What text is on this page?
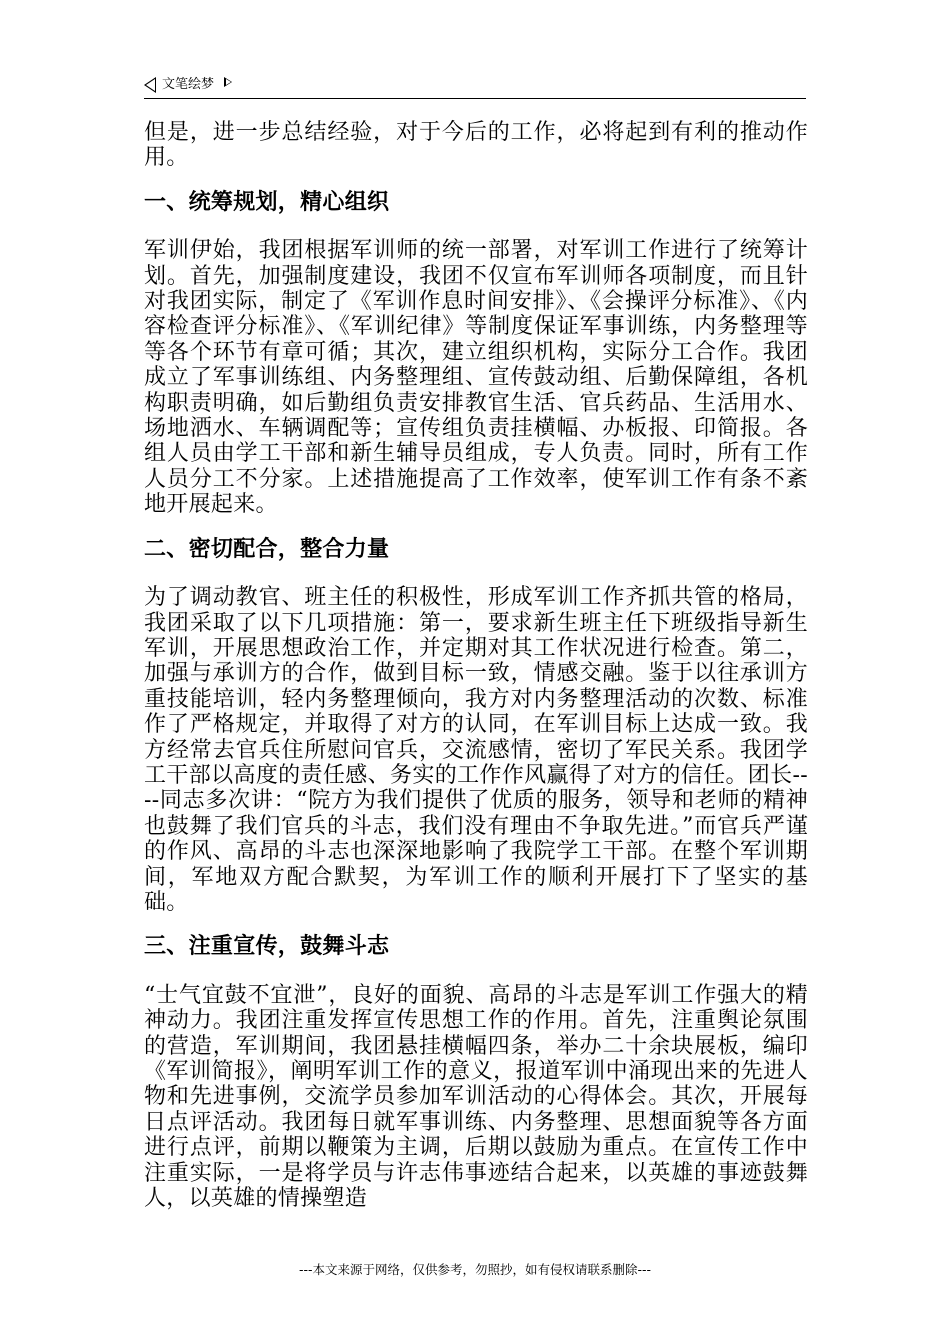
文笔绘梦

但是，进一步总结经验，对于今后的工作，必将起到有利的推动作用。

一、统筹规划，精心组织

军训伊始，我团根据军训师的统一部署，对军训工作进行了统筹计划。首先，加强制度建设，我团不仅宣布军训师各项制度，而且针对我团实际，制定了《军训作息时间安排》、《会操评分标准》、《内容检查评分标准》、《军训纪律》等制度保证军事训练，内务整理等等各个环节有章可循；其次，建立组织机构，实际分工合作。我团成立了军事训练组、内务整理组、宣传鼓动组、后勤保障组，各机构职责明确，如后勤组负责安排教官生活、官兵药品、生活用水、场地洒水、车辆调配等；宣传组负责挂横幅、办板报、印简报。各组人员由学工干部和新生辅导员组成，专人负责。同时，所有工作人员分工不分家。上述措施提高了工作效率，使军训工作有条不紊地开展起来。

二、密切配合，整合力量

为了调动教官、班主任的积极性，形成军训工作齐抓共管的格局，我团采取了以下几项措施：第一，要求新生班主任下班级指导新生军训，开展思想政治工作，并定期对其工作状况进行检查。第二，加强与承训方的合作，做到目标一致，情感交融。鉴于以往承训方重技能培训，轻内务整理倾向，我方对内务整理活动的次数、标准作了严格规定，并取得了对方的认同，在军训目标上达成一致。我方经常去官兵住所慰问官兵，交流感情，密切了军民关系。我团学工干部以高度的责任感、务实的工作作风赢得了对方的信任。团长----同志多次讲：“院方为我们提供了优质的服务，领导和老师的精神也鼓舞了我们官兵的斗志，我们没有理由不争取先进。”而官兵严谨的作风、高昂的斗志也深深地影响了我院学工干部。在整个军训期间，军地双方配合默契，为军训工作的顺利开展打下了坚实的基础。

三、注重宣传，鼓舞斗志

“士气宜鼓不宜泄”，良好的面貌、高昂的斗志是军训工作强大的精神动力。我团注重发挥宣传思想工作的作用。首先，注重舆论氛围的营造，军训期间，我团悬挂横幅四条，举办二十余块展板，编印《军训简报》，阐明军训工作的意义，报道军训中涌现出来的先进人物和先进事例，交流学员参加军训活动的心得体会。其次，开展每日点评活动。我团每日就军事训练、内务整理、思想面貌等各方面进行点评，前期以鞭策为主调，后期以鼓励为重点。在宣传工作中注重实际，一是将学员与许志伟事迹结合起来，以英雄的事迹鼓舞人，以英雄的情操塑造

---本文来源于网络，仅供参考，勿照抄，如有侵权请联系删除---
